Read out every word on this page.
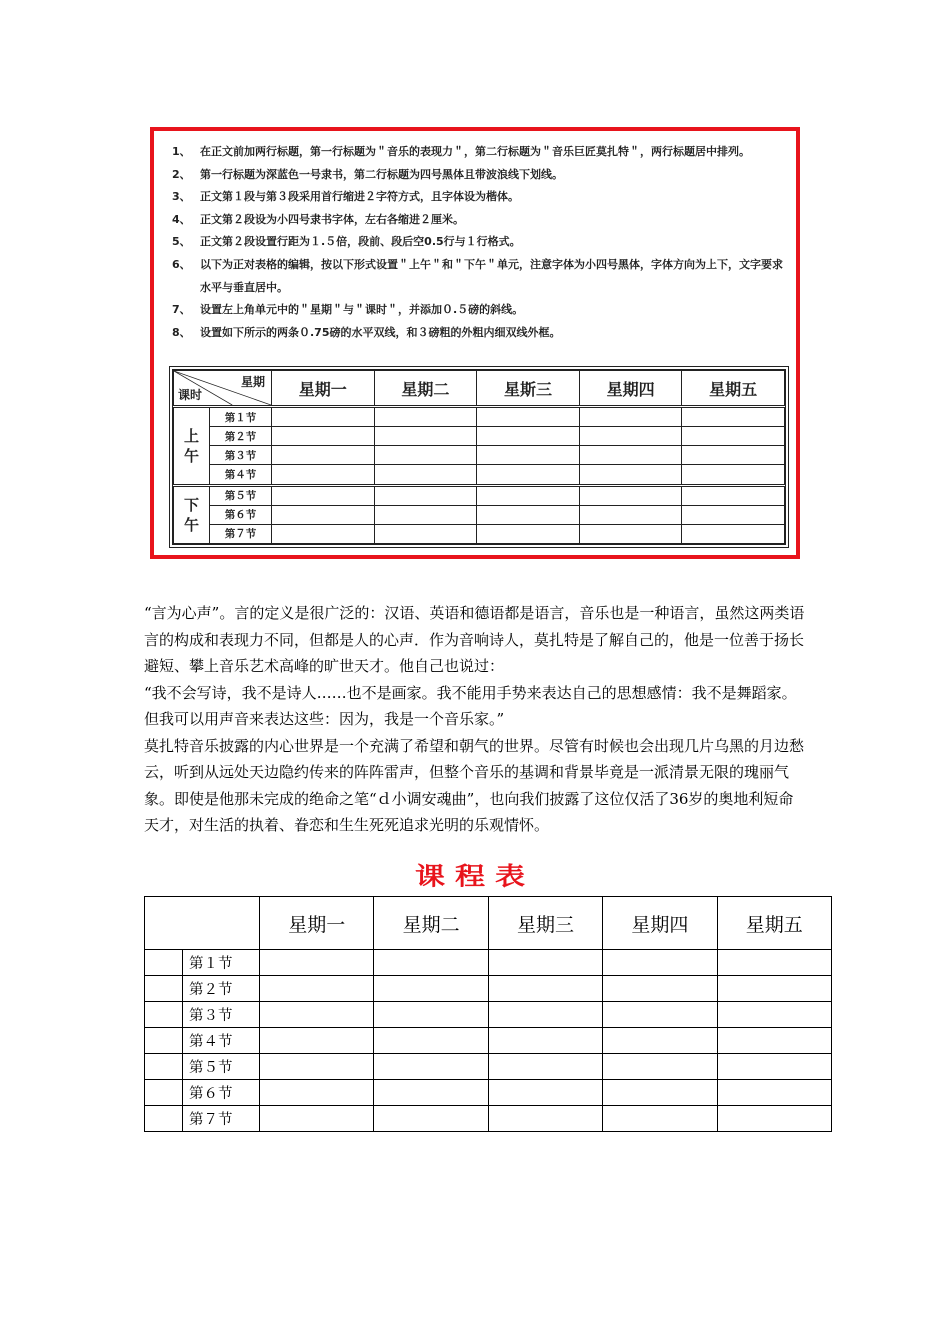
1、 在正文前加两行标题，第一行标题为＂音乐的表现力＂，第二行标题为＂音乐巨匠莫扎特＂，两行标题居中排列。
2、 第一行标题为深蓝色一号隶书，第二行标题为四号黑体且带波浪线下划线。
3、 正文第１段与第３段采用首行缩进２字符方式，且字体设为楷体。
4、 正文第２段设为小四号隶书字体，左右各缩进２厘米。
5、 正文第２段设置行距为１.５倍，段前、段后空0.5行与１行格式。
6、 以下为正对表格的编辑，按以下形式设置＂上午＂和＂下午＂单元，注意字体为小四号黑体，字体方向为上下，文字要求水平与垂直居中。
7、 设置左上角单元中的＂星期＂与＂课时＂，并添加０.５磅的斜线。
8、 设置如下所示的两条０.75磅的水平双线，和３磅粗的外粗内细双线外框。
星期
课时		星期一	星期二	星斯三	星期四	星期五
上午	第１节					
	第２节					
	第３节					
	第４节					
下午	第５节					
	第６节					
	第７节					

“言为心声”。言的定义是很广泛的：汉语、英语和德语都是语言，音乐也是一种语言，虽然这两类语言的构成和表现力不同，但都是人的心声．作为音响诗人，莫扎特是了解自己的，他是一位善于扬长避短、攀上音乐艺术高峰的旷世天才。他自己也说过：

“我不会写诗，我不是诗人……也不是画家。我不能用手势来表达自己的思想感情：我不是舞蹈家。但我可以用声音来表达这些：因为，我是一个音乐家。”

莫扎特音乐披露的内心世界是一个充满了希望和朝气的世界。尽管有时候也会出现几片乌黑的月边愁云，听到从远处天边隐约传来的阵阵雷声，但整个音乐的基调和背景毕竟是一派清景无限的瑰丽气象。即使是他那未完成的绝命之笔“ｄ小调安魂曲”，也向我们披露了这位仅活了36岁的奥地利短命天才，对生活的执着、眷恋和生生死死追求光明的乐观情怀。

课程表
		星期一	星期二	星期三	星期四	星期五
	第１节					
	第２节					
	第３节					
	第４节					
	第５节					
	第６节					
	第７节					
